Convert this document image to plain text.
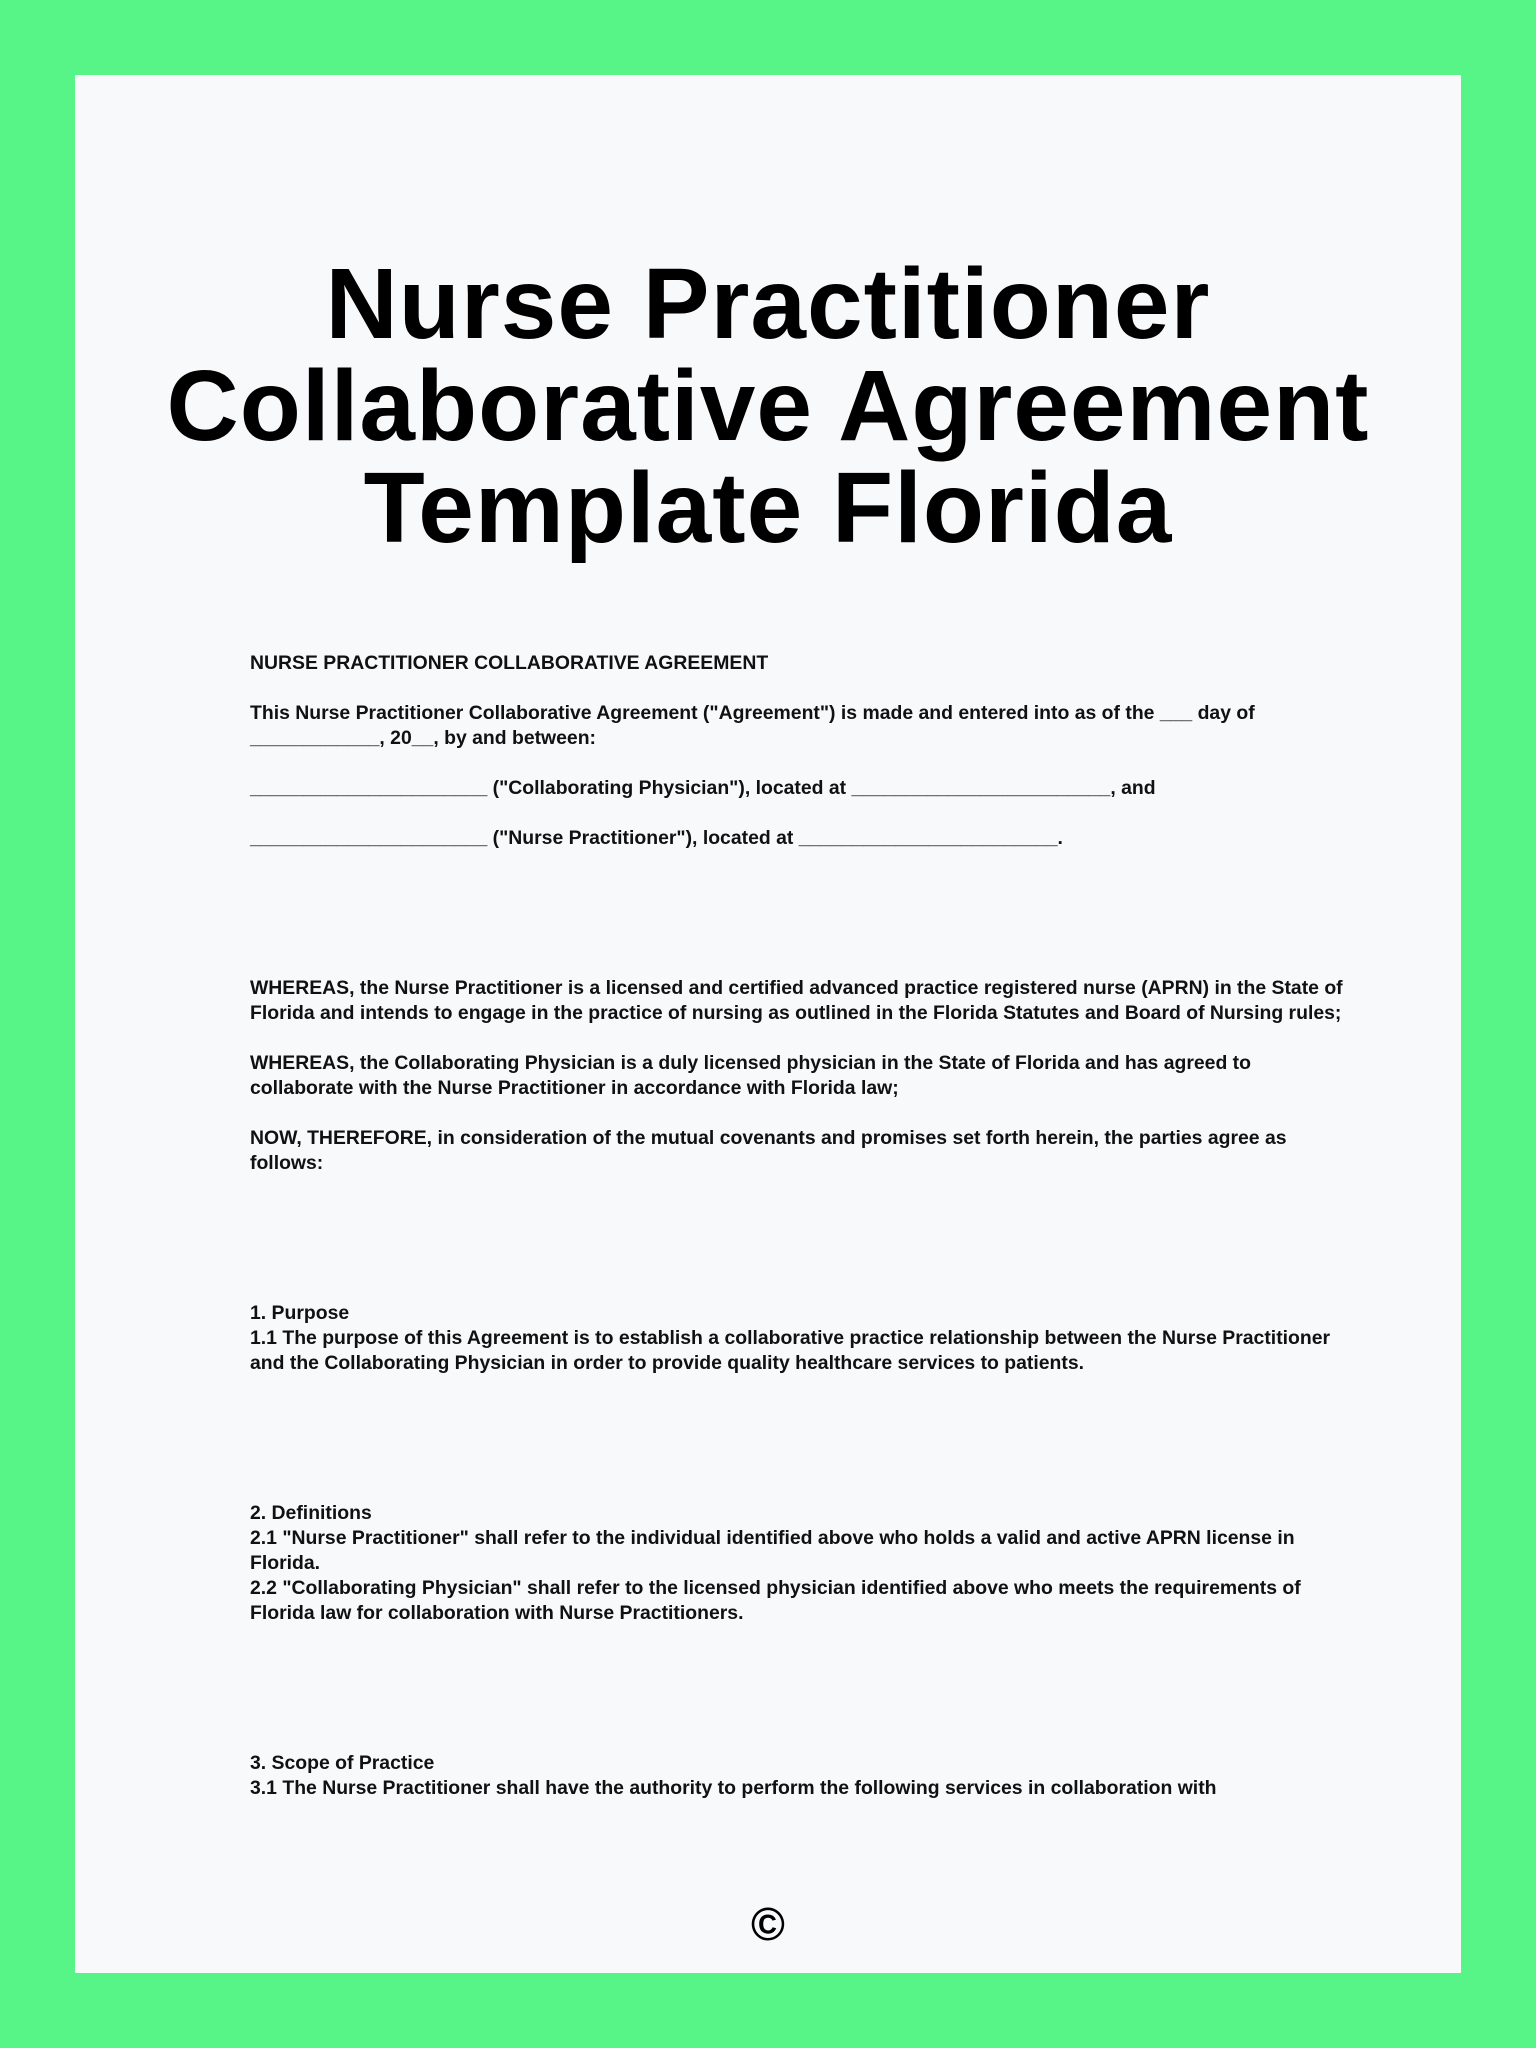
Nurse Practitioner
Collaborative Agreement
Template Florida

NURSE PRACTITIONER COLLABORATIVE AGREEMENT

This Nurse Practitioner Collaborative Agreement ("Agreement") is made and entered into as of the ___ day of ____________, 20__, by and between:

______________________ ("Collaborating Physician"), located at ________________________, and

______________________ ("Nurse Practitioner"), located at ________________________.

WHEREAS, the Nurse Practitioner is a licensed and certified advanced practice registered nurse (APRN) in the State of Florida and intends to engage in the practice of nursing as outlined in the Florida Statutes and Board of Nursing rules;

WHEREAS, the Collaborating Physician is a duly licensed physician in the State of Florida and has agreed to collaborate with the Nurse Practitioner in accordance with Florida law;

NOW, THEREFORE, in consideration of the mutual covenants and promises set forth herein, the parties agree as follows:

1. Purpose

1.1 The purpose of this Agreement is to establish a collaborative practice relationship between the Nurse Practitioner and the Collaborating Physician in order to provide quality healthcare services to patients.

2. Definitions

2.1 "Nurse Practitioner" shall refer to the individual identified above who holds a valid and active APRN license in Florida.

2.2 "Collaborating Physician" shall refer to the licensed physician identified above who meets the requirements of Florida law for collaboration with Nurse Practitioners.

3. Scope of Practice

3.1 The Nurse Practitioner shall have the authority to perform the following services in collaboration with

©
